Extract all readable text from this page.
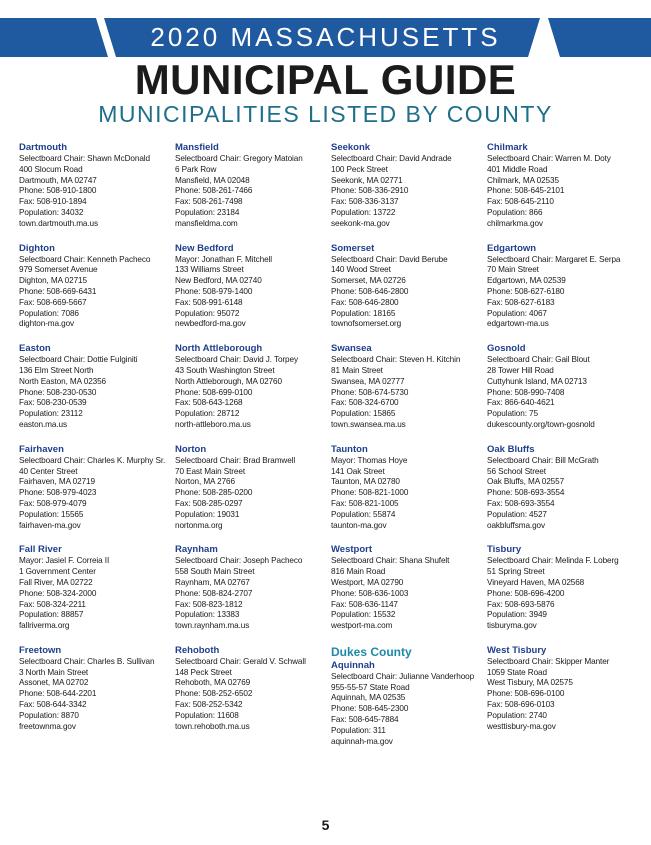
2020 MASSACHUSETTS
MUNICIPAL GUIDE
MUNICIPALITIES LISTED BY COUNTY
Dartmouth
Selectboard Chair: Shawn McDonald
400 Slocum Road
Dartmouth, MA 02747
Phone: 508-910-1800
Fax: 508-910-1894
Population: 34032
town.dartmouth.ma.us
Dighton
Selectboard Chair: Kenneth Pacheco
979 Somerset Avenue
Dighton, MA 02715
Phone: 508-669-6431
Fax: 508-669-5667
Population: 7086
dighton-ma.gov
Easton
Selectboard Chair: Dottie Fulginiti
136 Elm Street North
North Easton, MA 02356
Phone: 508-230-0530
Fax: 508-230-0539
Population: 23112
easton.ma.us
Fairhaven
Selectboard Chair: Charles K. Murphy Sr.
40 Center Street
Fairhaven, MA 02719
Phone: 508-979-4023
Fax: 508-979-4079
Population: 15565
fairhaven-ma.gov
Fall River
Mayor: Jasiel F. Correia II
1 Government Center
Fall River, MA 02722
Phone: 508-324-2000
Fax: 508-324-2211
Population: 88857
fallriverma.org
Freetown
Selectboard Chair: Charles B. Sullivan
3 North Main Street
Assonet, MA 02702
Phone: 508-644-2201
Fax: 508-644-3342
Population: 8870
freetownma.gov
Mansfield
Selectboard Chair: Gregory Matoian
6 Park Row
Mansfield, MA 02048
Phone: 508-261-7466
Fax: 508-261-7498
Population: 23184
mansfieldma.com
New Bedford
Mayor: Jonathan F. Mitchell
133 Williams Street
New Bedford, MA 02740
Phone: 508-979-1400
Fax: 508-991-6148
Population: 95072
newbedford-ma.gov
North Attleborough
Selectboard Chair: David J. Torpey
43 South Washington Street
North Attleborough, MA 02760
Phone: 508-699-0100
Fax: 508-643-1268
Population: 28712
north-attleboro.ma.us
Norton
Selectboard Chair: Brad Bramwell
70 East Main Street
Norton, MA 2766
Phone: 508-285-0200
Fax: 508-285-0297
Population: 19031
nortonma.org
Raynham
Selectboard Chair: Joseph Pacheco
558 South Main Street
Raynham, MA 02767
Phone: 508-824-2707
Fax: 508-823-1812
Population: 13383
town.raynham.ma.us
Rehoboth
Selectboard Chair: Gerald V. Schwall
148 Peck Street
Rehoboth, MA 02769
Phone: 508-252-6502
Fax: 508-252-5342
Population: 11608
town.rehoboth.ma.us
Seekonk
Selectboard Chair: David Andrade
100 Peck Street
Seekonk, MA 02771
Phone: 508-336-2910
Fax: 508-336-3137
Population: 13722
seekonk-ma.gov
Somerset
Selectboard Chair: David Berube
140 Wood Street
Somerset, MA 02726
Phone: 508-646-2800
Fax: 508-646-2800
Population: 18165
townofsomerset.org
Swansea
Selectboard Chair: Steven H. Kitchin
81 Main Street
Swansea, MA 02777
Phone: 508-674-5730
Fax: 508-324-6700
Population: 15865
town.swansea.ma.us
Taunton
Mayor: Thomas Hoye
141 Oak Street
Taunton, MA 02780
Phone: 508-821-1000
Fax: 508-821-1005
Population: 55874
taunton-ma.gov
Westport
Selectboard Chair: Shana Shufelt
816 Main Road
Westport, MA 02790
Phone: 508-636-1003
Fax: 508-636-1147
Population: 15532
westport-ma.com
Dukes County
Aquinnah
Selectboard Chair: Julianne Vanderhoop
955-55-57 State Road
Aquinnah, MA 02535
Phone: 508-645-2300
Fax: 508-645-7884
Population: 311
aquinnah-ma.gov
Chilmark
Selectboard Chair: Warren M. Doty
401 Middle Road
Chilmark, MA 02535
Phone: 508-645-2101
Fax: 508-645-2110
Population: 866
chilmarkma.gov
Edgartown
Selectboard Chair: Margaret E. Serpa
70 Main Street
Edgartown, MA 02539
Phone: 508-627-6180
Fax: 508-627-6183
Population: 4067
edgartown-ma.us
Gosnold
Selectboard Chair: Gail Blout
28 Tower Hill Road
Cuttyhunk Island, MA 02713
Phone: 508-990-7408
Fax: 866-640-4621
Population: 75
dukescounty.org/town-gosnold
Oak Bluffs
Selectboard Chair: Bill McGrath
56 School Street
Oak Bluffs, MA 02557
Phone: 508-693-3554
Fax: 508-693-3554
Population: 4527
oakbluffsma.gov
Tisbury
Selectboard Chair: Melinda F. Loberg
51 Spring Street
Vineyard Haven, MA 02568
Phone: 508-696-4200
Fax: 508-693-5876
Population: 3949
tisburyma.gov
West Tisbury
Selectboard Chair: Skipper Manter
1059 State Road
West Tisbury, MA 02575
Phone: 508-696-0100
Fax: 508-696-0103
Population: 2740
westtisbury-ma.gov
5
